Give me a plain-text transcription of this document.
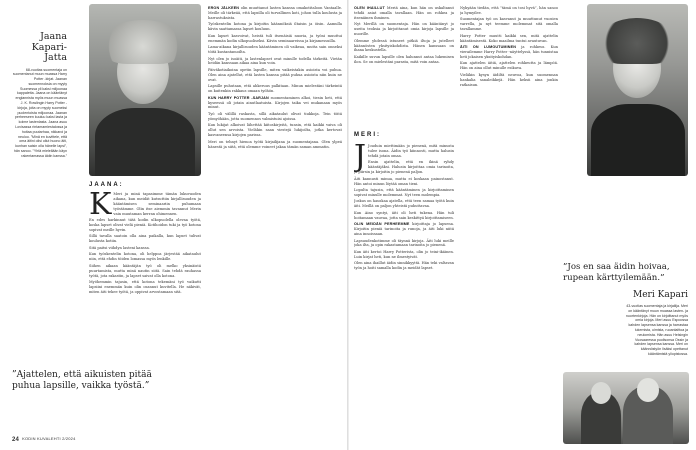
Jaana Kapari-Jatta
68-vuotias suomentaja on suomentanut muun muassa Harry Potter -kirjat. Jaanan suomennoksia on myyty Suomessa yli kaksi miljoonaa kappaletta. Jaana on kääntänyt englannista myös muun muassa J. K. Rowlingin Harry Potter -kirjoja, joita on myyty suomeksi puolentoista miljoonaa. Jaanan perheeseen kuuluu kaksi lasta ja kolme lastenlasta. Jaana asuu Lovisassa rintamamiestalossa ja hoitaa puutarhaa, nikkaroi ja neuloo. ”Minä en kuvittele, että oma äitini olisi ollut huono äiti, kunhan saisin olla hänelle lapsi”, hän sanoo. ”Yhtä mielellään käyn rakentamassa äidin kanssa.”
JAANA:

K Meri ja minä tapasimme tämän lukuvuoden aikana, kun meidät kutsuttiin kirjallisuuden ja kääntämisen seminaariin puhumaan työstämme. Olin itse aiemmin tavannut Merin vain muutaman kerran ohimennen.

En edes harkinnut tätä kodin ulkopuolella olevaa työtä, koska lapset olivat vielä pieniä. Kotihoidon tuki ja työ kotona sopivat meille hyvin.

Sillä tavalla saatoin olla aina paikalla, kun lapset tulivat koulusta kotiin.

Sitä paitsi viihdyn lasteni kanssa.

Kun työskentelin kotona, oli helppoa järjestää aikataulut niin, että ehdin töiden lomassa myös lenkille.

Siihen aikaan kääntäjän työ oli melko yksinäistä puurtamista, mutta minä nautin siitä. Sain tehdä rauhassa työtä, jota rakastin, ja lapset saivat olla kotona.

Myöhemmin tajusin, että kotona tekemäni työ vaikutti lapsiini enemmän kuin olin osannut kuvitella. He näkivät, miten äiti tekee työtä, ja oppivat arvostamaan sitä.

”Ajattelen, että aikuisten pitää puhua lapsille, vaikka työstä.”

ERON JÄLKEEN olin muuttanut lasten kanssa omakotitaloon Vantaalle. Meille oli tärkeää, että lapsilla oli turvallinen koti, johon tulla koulusta ja harrastuksista.

Työskentelin kotona ja kirjoitin käännöksiä iltaisin ja öisin. Aamulla kävin saattamassa lapset kouluun.

Kun lapset kasvoivat, heistä tuli itsenäisiä nuoria, ja työni muuttui enemmän kodin ulkopuoliseksi. Kävin seminaareissa ja kirjamessuilla.

Lama-aikana kirjallisuuden kääntäminen oli vaikeaa, mutta sain onneksi töitä kustantamoilta.

Nyt olen jo isoäiti, ja lastenlapset ovat minulle todella tärkeitä. Vietän heidän kanssaan aikaa aina kun voin.

Päiväkotiaikoina opetin lapsille, miten vaikeistakin asioista voi puhua. Olen aina ajatellut, että lasten kanssa pitää puhua asioista niin kuin ne ovat.

Lapsille puhutaan, että ahkeruus palkitaan. Minun mielestäni tärkeintä on kuitenkin rakkaus omaan työhön.

KUN HARRY POTTER -SARJAN suomentaminen alkoi, tiesin heti, että kyseessä oli jotain ainutlaatuista. Kirjojen taika vei mukanaan myös minut.

Työ oli välillä raskasta, sillä aikataulut olivat tiukkoja. Tein töitä yömyöhään, jotta suomennos valmistuisi ajoissa.

Kun lukijat alkoivat lähettää kiitoskirjeitä, tunsin, että kaikki vaiva oli ollut sen arvoista. Vieläkin saan viestejä lukijoilta, jotka kertovat kasvaneensa kirjojen parissa.

Meri on tehnyt hienoa työtä kirjailijana ja suomentajana. Olen ylpeä hänestä ja siitä, että olemme voineet jakaa tämän saman ammatin.

24 KODIN KUVALEHTI 2/2024

OLEN IHAILLUT Meriä aina, kun hän on uskaltanut tehdä asiat omalla tavallaan. Hän on rohkea ja itsenäinen ihminen.

Nyt Merillä on suomentaja. Hän on kääntänyt jo useita teoksia ja kirjoittanut omia kirjoja lapsille ja nuorille.

Olemme yhdessä istuneet pitkiä iltoja ja jutelleet käännösten yksityiskohdista. Hänen kanssaan on ihana keskustella.

Kaikille suvun lapsille olen halunnut antaa lukemisen ilon. Se on mielestäni parasta, mitä voin antaa.

MERI:

J Jouduin miettimään jo pienenä, mitä minusta tulee isona. Äidin työ kiinnosti, mutta halusin tehdä jotain omaa.

Ensin ajattelin, että en ikinä ryhdy kääntäjäksi. Halusin kirjoittaa omia tarinoita, ja piirsin ja kirjoitin jo pienenä paljon.

Äiti kannusti minua, mutta ei koskaan painostanut. Hän antoi minun löytää oman tieni.

Lopulta tajusin, että kääntäminen ja kirjoittaminen sopivat minulle molemmat. Nyt teen molempia.

Joskus on hauskaa ajatella, että teen samaa työtä kuin äiti. Meillä on paljon yhteistä puhuttavaa.

Kun Aino syntyi, äiti oli heti tukena. Hän tuli hoitamaan vauvaa, jotta sain keskittyä kirjoittamiseen.

OLIN MEIDÄN PERHEEMME kirjoittaja jo lapsena. Kirjoitin pieniä tarinoita ja runoja, ja äiti luki niitä aina innoissaan.

Lapsuudenkotimme oli täynnä kirjoja. Äiti luki meille joka ilta, ja opin rakastamaan tarinoita jo pienenä.

Kun äiti kertoi Harry Potterista, olin jo teini-ikäinen. Luin kirjat heti, kun ne ilmestyivät.

Olen aina ihaillut äidin sinnikkyyttä. Hän teki valtavan työn ja hoiti samalla kodin ja meidät lapset.

Nykyään tiedän, että ”tämä on tosi hyvä”, hän sanoo ja hymyilee.

Suomentajan työ on kasvanut ja muuttunut vuosien varrella, ja nyt teemme molemmat sitä omalla tavallamme.

Harry Potter muutti kaikki sen, mitä ajattelin kääntämisestä. Koko maailma tuntui avautuvan.

ÄITI ON LUMOUTUMINEN ja rohkeus. Kun vierailemme Harry Potter -näyttelyssä, hän tunnistaa heti jokaisen yksityiskohdan.

Kun ajattelen äitiä, ajattelen rohkeutta ja lämpöä. Hän on aina ollut minulle esikuva.

Vieläkin kysyn äidiltä neuvoa, kun suomennan hankalia sanaleikkejä. Hän keksii aina jonkin ratkaisun.

”Jos en saa äidin hoivaa, rupean kärttyilemään.”
Meri Kapari
43-vuotias suomentaja ja kirjailija. Meri on kääntänyt muun muassa lasten- ja nuortenkirjoja. Hän on kirjoittanut myös omia kirjoja. Meri asuu Espoossa kahden lapsensa kanssa ja harrastaa lukemista, uimista, ruoanlaittoa ja neulomista. Hän asuu Helsingin Vuosaaressa puolisonsa Ossin ja kahden lapsensa kanssa. Meri on käännöstyön lisäksi opettanut kääntämistä yliopistossa.
